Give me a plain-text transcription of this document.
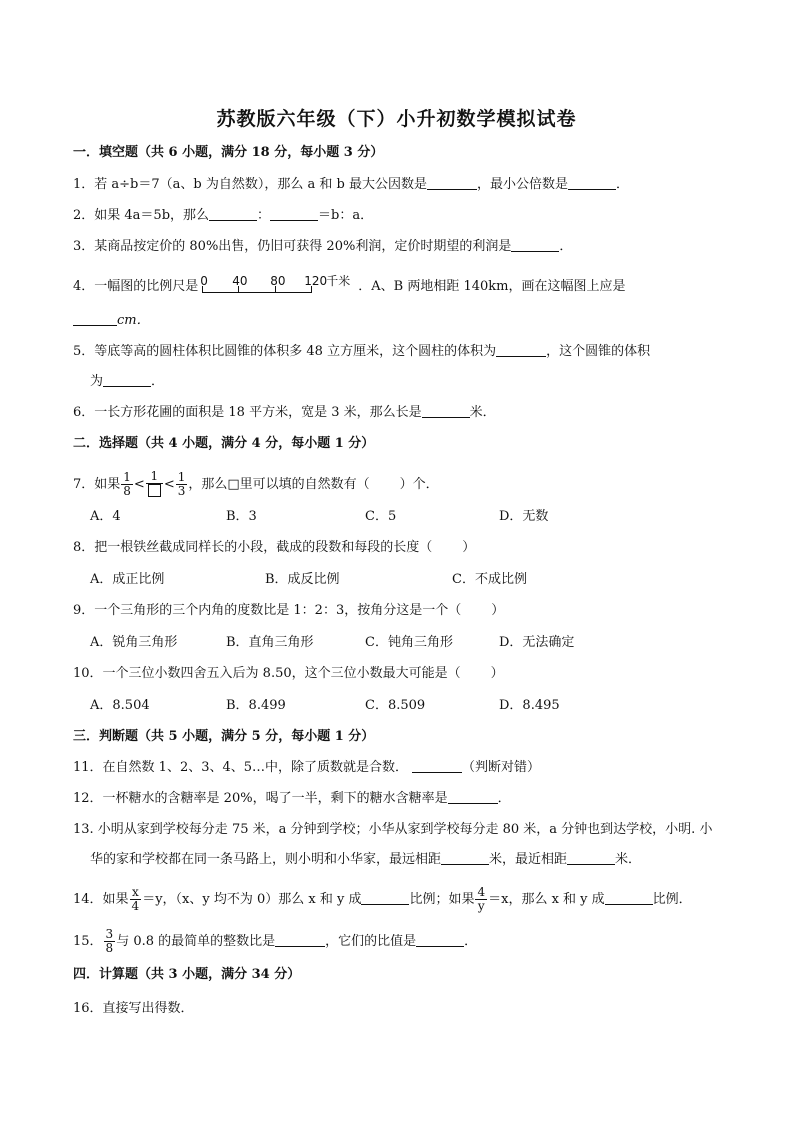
苏教版六年级（下）小升初数学模拟试卷
一．填空题（共 6 小题，满分 18 分，每小题 3 分）
1．若 a÷b＝7（a、b 为自然数），那么 a 和 b 最大公因数是	，最小公倍数是	．
2．如果 4a＝5b，那么	：	＝b：a．
3．某商品按定价的 80%出售，仍旧可获得 20%利润，定价时期望的利润是	．
4．一幅图的比例尺是 0 40 80 120 千米 ．A、B 两地相距 140km，画在这幅图上应是
cm．
5．等底等高的圆柱体积比圆锥的体积多 48 立方厘米，这个圆柱的体积为	，这个圆锥的体积
为	．
6．一长方形花圃的面积是 18 平方米，宽是 3 米，那么长是	米．
二．选择题（共 4 小题，满分 4 分，每小题 1 分）
7．如果 $\frac{1}{8}$ <
1
< $\frac{1}{3}$ ，那么□里可以填的自然数有（ ）个．
A．4	B．3	C．5	D．无数
8．把一根铁丝截成同样长的小段，截成的段数和每段的长度（ ）
A．成正比例	B．成反比例	C．不成比例
9．一个三角形的三个内角的度数比是 1：2：3，按角分这是一个（ ）
A．锐角三角形	B．直角三角形	C．钝角三角形	D．无法确定
10．一个三位小数四舍五入后为 8.50，这个三位小数最大可能是（ ）
A．8.504	B．8.499	C．8.509	D．8.495
三．判断题（共 5 小题，满分 5 分，每小题 1 分）
11．在自然数 1、2、3、4、5…中，除了质数就是合数．	（判断对错）
12．一杯糖水的含糖率是 20%，喝了一半，剩下的糖水含糖率是	．
13. 小明从家到学校每分走 75 米，a 分钟到学校；小华从家到学校每分走 80 米，a 分钟也到达学校，小明. 小
华的家和学校都在同一条马路上，则小明和小华家，最远相距	米，最近相距	米．
14．如果 $\frac{x}{4} =y$，（x、y 均不为 0）那么 x 和 y 成	比例；如果 $\frac{4}{y} =x$，那么 x 和 y 成	比例．
15． $\frac{3}{8}$ 与 0.8 的最简单的整数比是	，它们的比值是	．
四．计算题（共 3 小题，满分 34 分）
16．直接写出得数．
